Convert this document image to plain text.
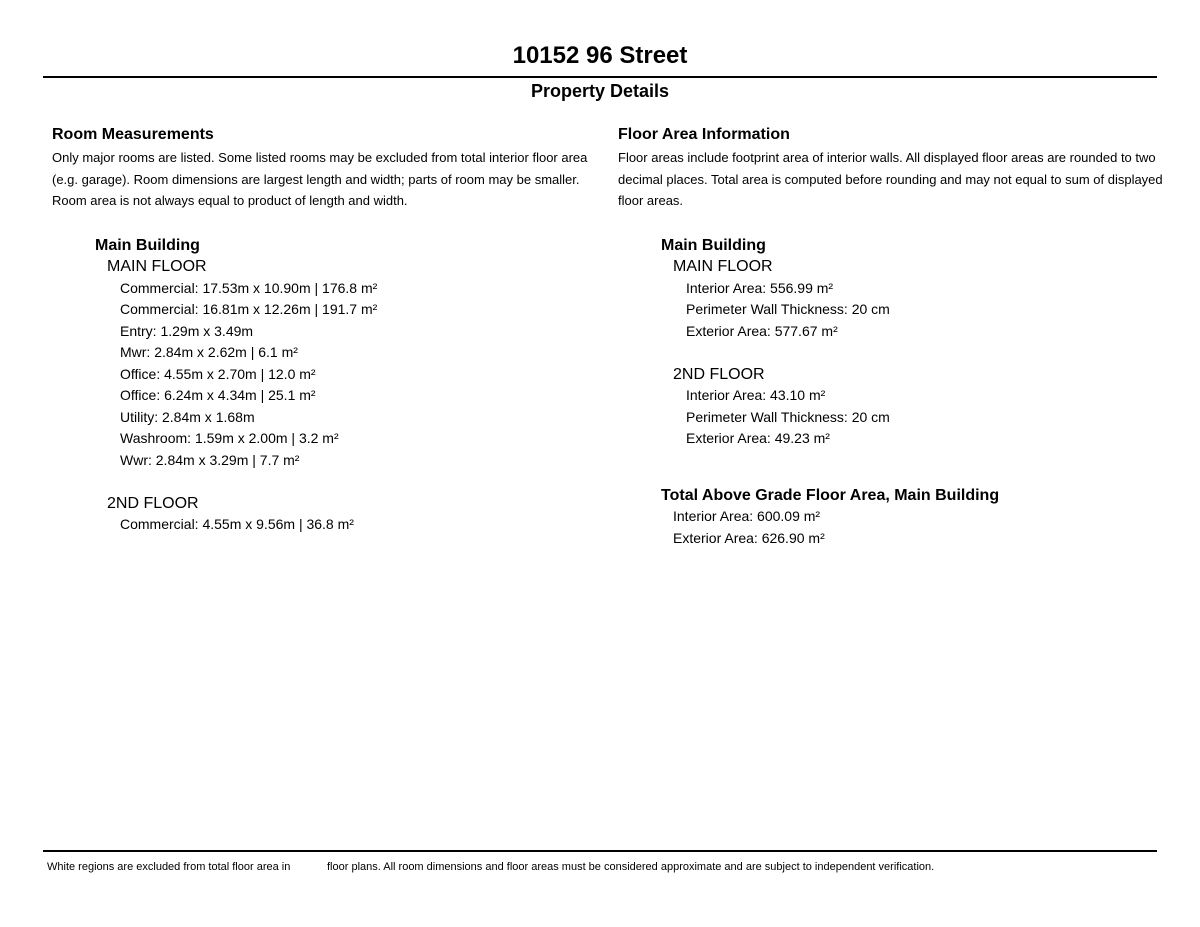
10152 96 Street
Property Details
Room Measurements
Only major rooms are listed. Some listed rooms may be excluded from total interior floor area (e.g. garage). Room dimensions are largest length and width; parts of room may be smaller. Room area is not always equal to product of length and width.
Main Building
MAIN FLOOR
Commercial: 17.53m x 10.90m | 176.8 m²
Commercial: 16.81m x 12.26m | 191.7 m²
Entry: 1.29m x 3.49m
Mwr: 2.84m x 2.62m | 6.1 m²
Office: 4.55m x 2.70m | 12.0 m²
Office: 6.24m x 4.34m | 25.1 m²
Utility: 2.84m x 1.68m
Washroom: 1.59m x 2.00m | 3.2 m²
Wwr: 2.84m x 3.29m | 7.7 m²
2ND FLOOR
Commercial: 4.55m x 9.56m | 36.8 m²
Floor Area Information
Floor areas include footprint area of interior walls. All displayed floor areas are rounded to two decimal places. Total area is computed before rounding and may not equal to sum of displayed floor areas.
Main Building
MAIN FLOOR
Interior Area: 556.99 m²
Perimeter Wall Thickness: 20 cm
Exterior Area: 577.67 m²
2ND FLOOR
Interior Area: 43.10 m²
Perimeter Wall Thickness: 20 cm
Exterior Area: 49.23 m²
Total Above Grade Floor Area, Main Building
Interior Area: 600.09 m²
Exterior Area: 626.90 m²
White regions are excluded from total floor area in	floor plans. All room dimensions and floor areas must be considered approximate and are subject to independent verification.
